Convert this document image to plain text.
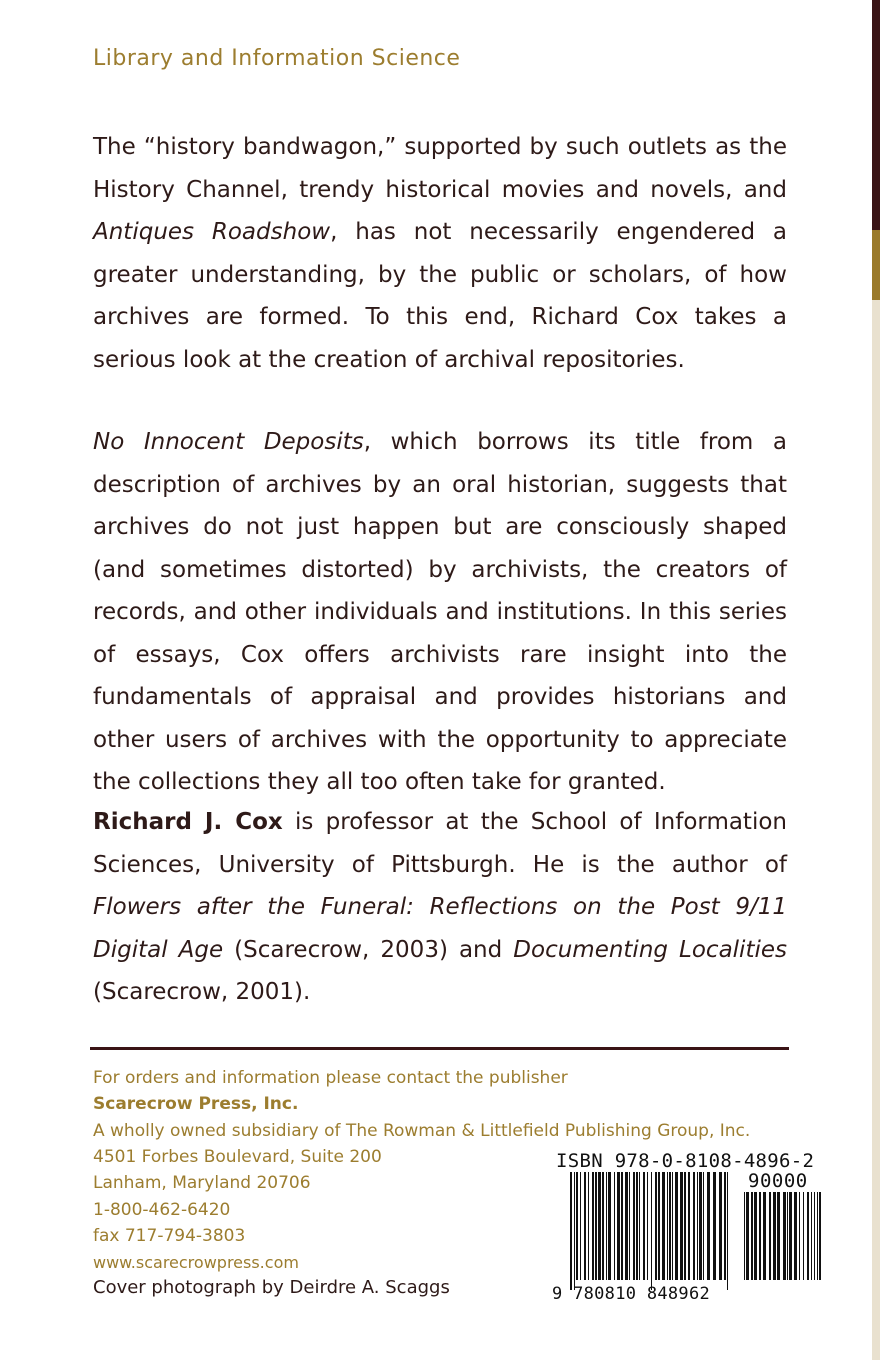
Library and Information Science
The “history bandwagon,” supported by such outlets as the History Channel, trendy historical movies and novels, and Antiques Roadshow, has not necessarily engendered a greater understanding, by the public or scholars, of how archives are formed. To this end, Richard Cox takes a serious look at the creation of archival repositories.
No Innocent Deposits, which borrows its title from a description of archives by an oral historian, suggests that archives do not just happen but are consciously shaped (and sometimes distorted) by archivists, the creators of records, and other individuals and institutions. In this series of essays, Cox offers archivists rare insight into the fundamentals of appraisal and provides historians and other users of archives with the opportunity to appreciate the collections they all too often take for granted.
Richard J. Cox is professor at the School of Information Sciences, University of Pittsburgh. He is the author of Flowers after the Funeral: Reflections on the Post 9/11 Digital Age (Scarecrow, 2003) and Documenting Localities (Scarecrow, 2001).
For orders and information please contact the publisher
Scarecrow Press, Inc.
A wholly owned subsidiary of The Rowman & Littlefield Publishing Group, Inc.
4501 Forbes Boulevard, Suite 200
Lanham, Maryland 20706
1-800-462-6420
fax 717-794-3803
www.scarecrowpress.com
Cover photograph by Deirdre A. Scaggs
ISBN 978-0-8108-4896-2
90000
9 780810 848962
